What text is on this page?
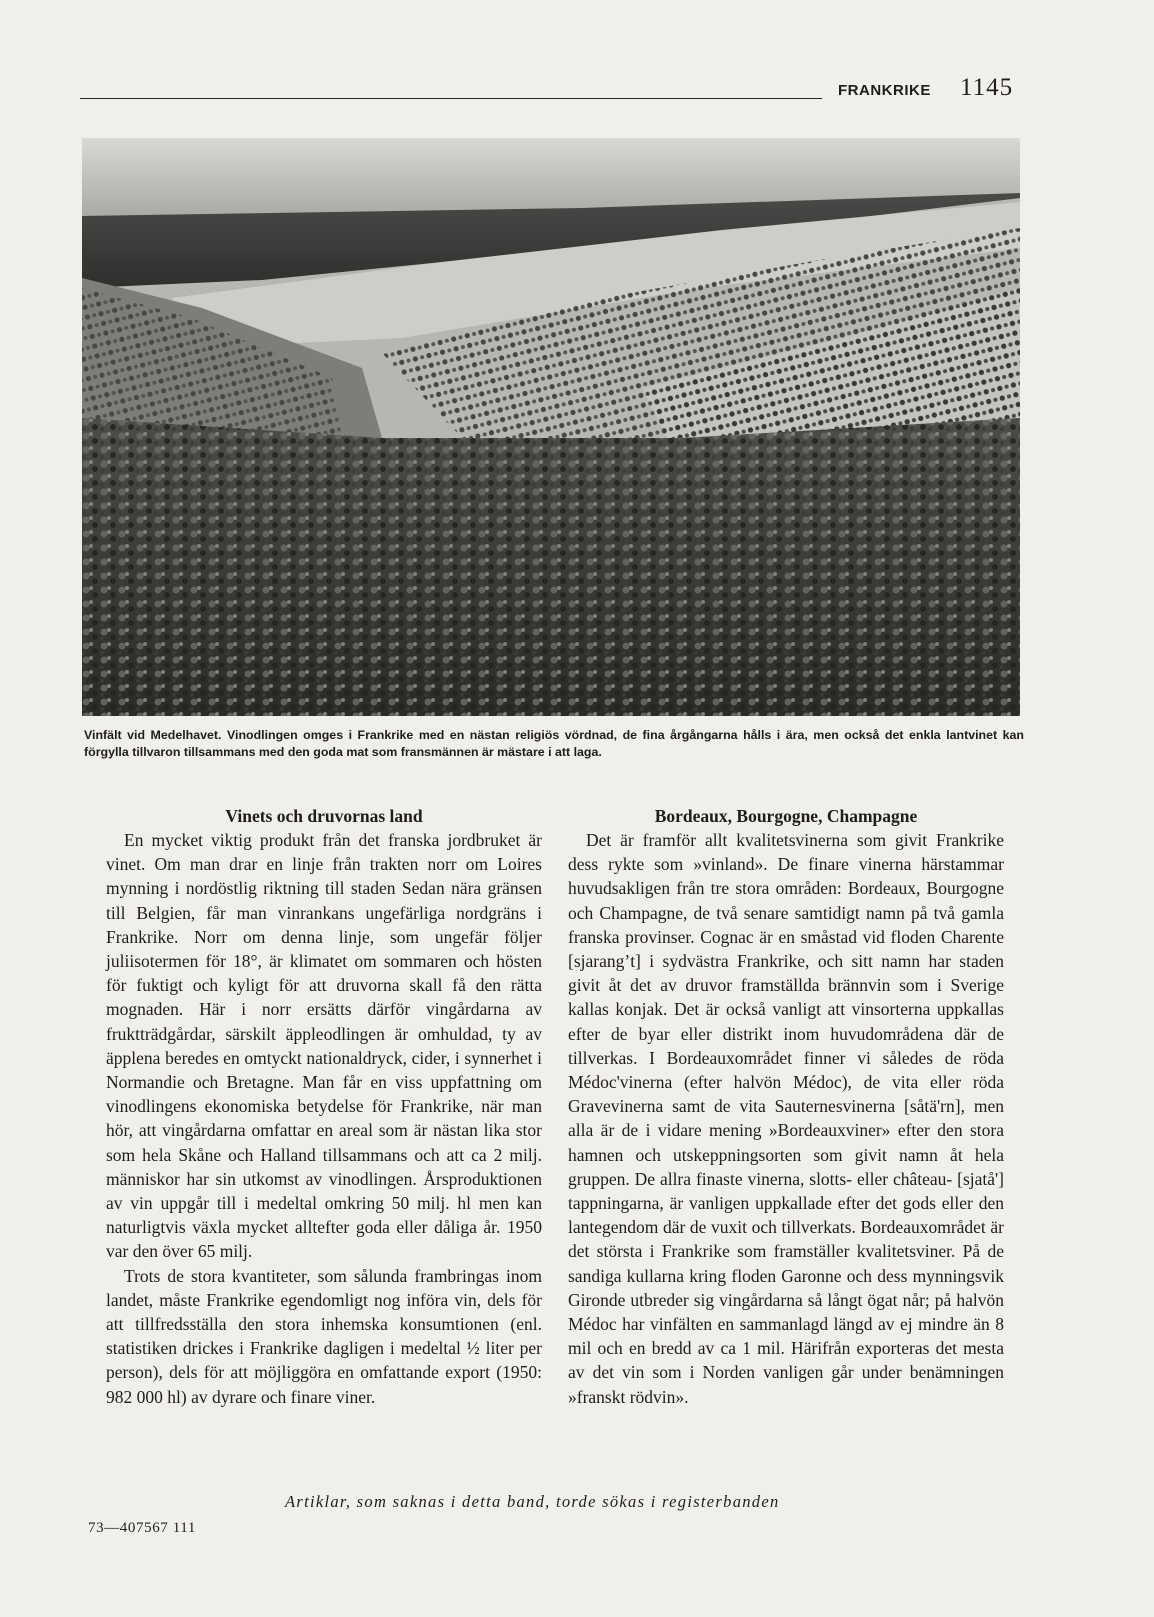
FRANKRIKE 1145

Vinfält vid Medelhavet. Vinodlingen omges i Frankrike med en nästan religiös vördnad, de fina årgångarna hålls i ära, men också det enkla lantvinet kan förgylla tillvaron tillsammans med den goda mat som fransmännen är mästare i att laga.

Vinets och druvornas land

En mycket viktig produkt från det franska jordbruket är vinet. Om man drar en linje från trakten norr om Loires mynning i nordöstlig riktning till staden Sedan nära gränsen till Belgien, får man vinrankans ungefärliga nordgräns i Frankrike. Norr om denna linje, som ungefär följer juliisotermen för 18°, är klimatet om sommaren och hösten för fuktigt och kyligt för att druvorna skall få den rätta mognaden. Här i norr ersätts därför vingårdarna av fruktträdgårdar, särskilt äppleodlingen är omhuldad, ty av äpplena beredes en omtyckt nationaldryck, cider, i synnerhet i Normandie och Bretagne. Man får en viss uppfattning om vinodlingens ekonomiska betydelse för Frankrike, när man hör, att vingårdarna omfattar en areal som är nästan lika stor som hela Skåne och Halland tillsammans och att ca 2 milj. människor har sin utkomst av vinodlingen. Årsproduktionen av vin uppgår till i medeltal omkring 50 milj. hl men kan naturligtvis växla mycket alltefter goda eller dåliga år. 1950 var den över 65 milj.

Trots de stora kvantiteter, som sålunda frambringas inom landet, måste Frankrike egendomligt nog införa vin, dels för att tillfredsställa den stora inhemska konsumtionen (enl. statistiken drickes i Frankrike dagligen i medeltal ½ liter per person), dels för att möjliggöra en omfattande export (1950: 982 000 hl) av dyrare och finare viner.

Bordeaux, Bourgogne, Champagne

Det är framför allt kvalitetsvinerna som givit Frankrike dess rykte som »vinland». De finare vinerna härstammar huvudsakligen från tre stora områden: Bordeaux, Bourgogne och Champagne, de två senare samtidigt namn på två gamla franska provinser. Cognac är en småstad vid floden Charente [sjarangʼt] i sydvästra Frankrike, och sitt namn har staden givit åt det av druvor framställda brännvin som i Sverige kallas konjak. Det är också vanligt att vinsorterna uppkallas efter de byar eller distrikt inom huvudområdena där de tillverkas. I Bordeauxområdet finner vi således de röda Médoc'vinerna (efter halvön Médoc), de vita eller röda Gravevinerna samt de vita Sauternesvinerna [såtä'rn], men alla är de i vidare mening »Bordeauxviner» efter den stora hamnen och utskeppningsorten som givit namn åt hela gruppen. De allra finaste vinerna, slotts- eller château- [sjatå'] tappningarna, är vanligen uppkallade efter det gods eller den lantegendom där de vuxit och tillverkats. Bordeauxområdet är det största i Frankrike som framställer kvalitetsviner. På de sandiga kullarna kring floden Garonne och dess mynningsvik Gironde utbreder sig vingårdarna så långt ögat når; på halvön Médoc har vinfälten en sammanlagd längd av ej mindre än 8 mil och en bredd av ca 1 mil. Härifrån exporteras det mesta av det vin som i Norden vanligen går under benämningen »franskt rödvin».

Artiklar, som saknas i detta band, torde sökas i registerbanden
73—407567 111
